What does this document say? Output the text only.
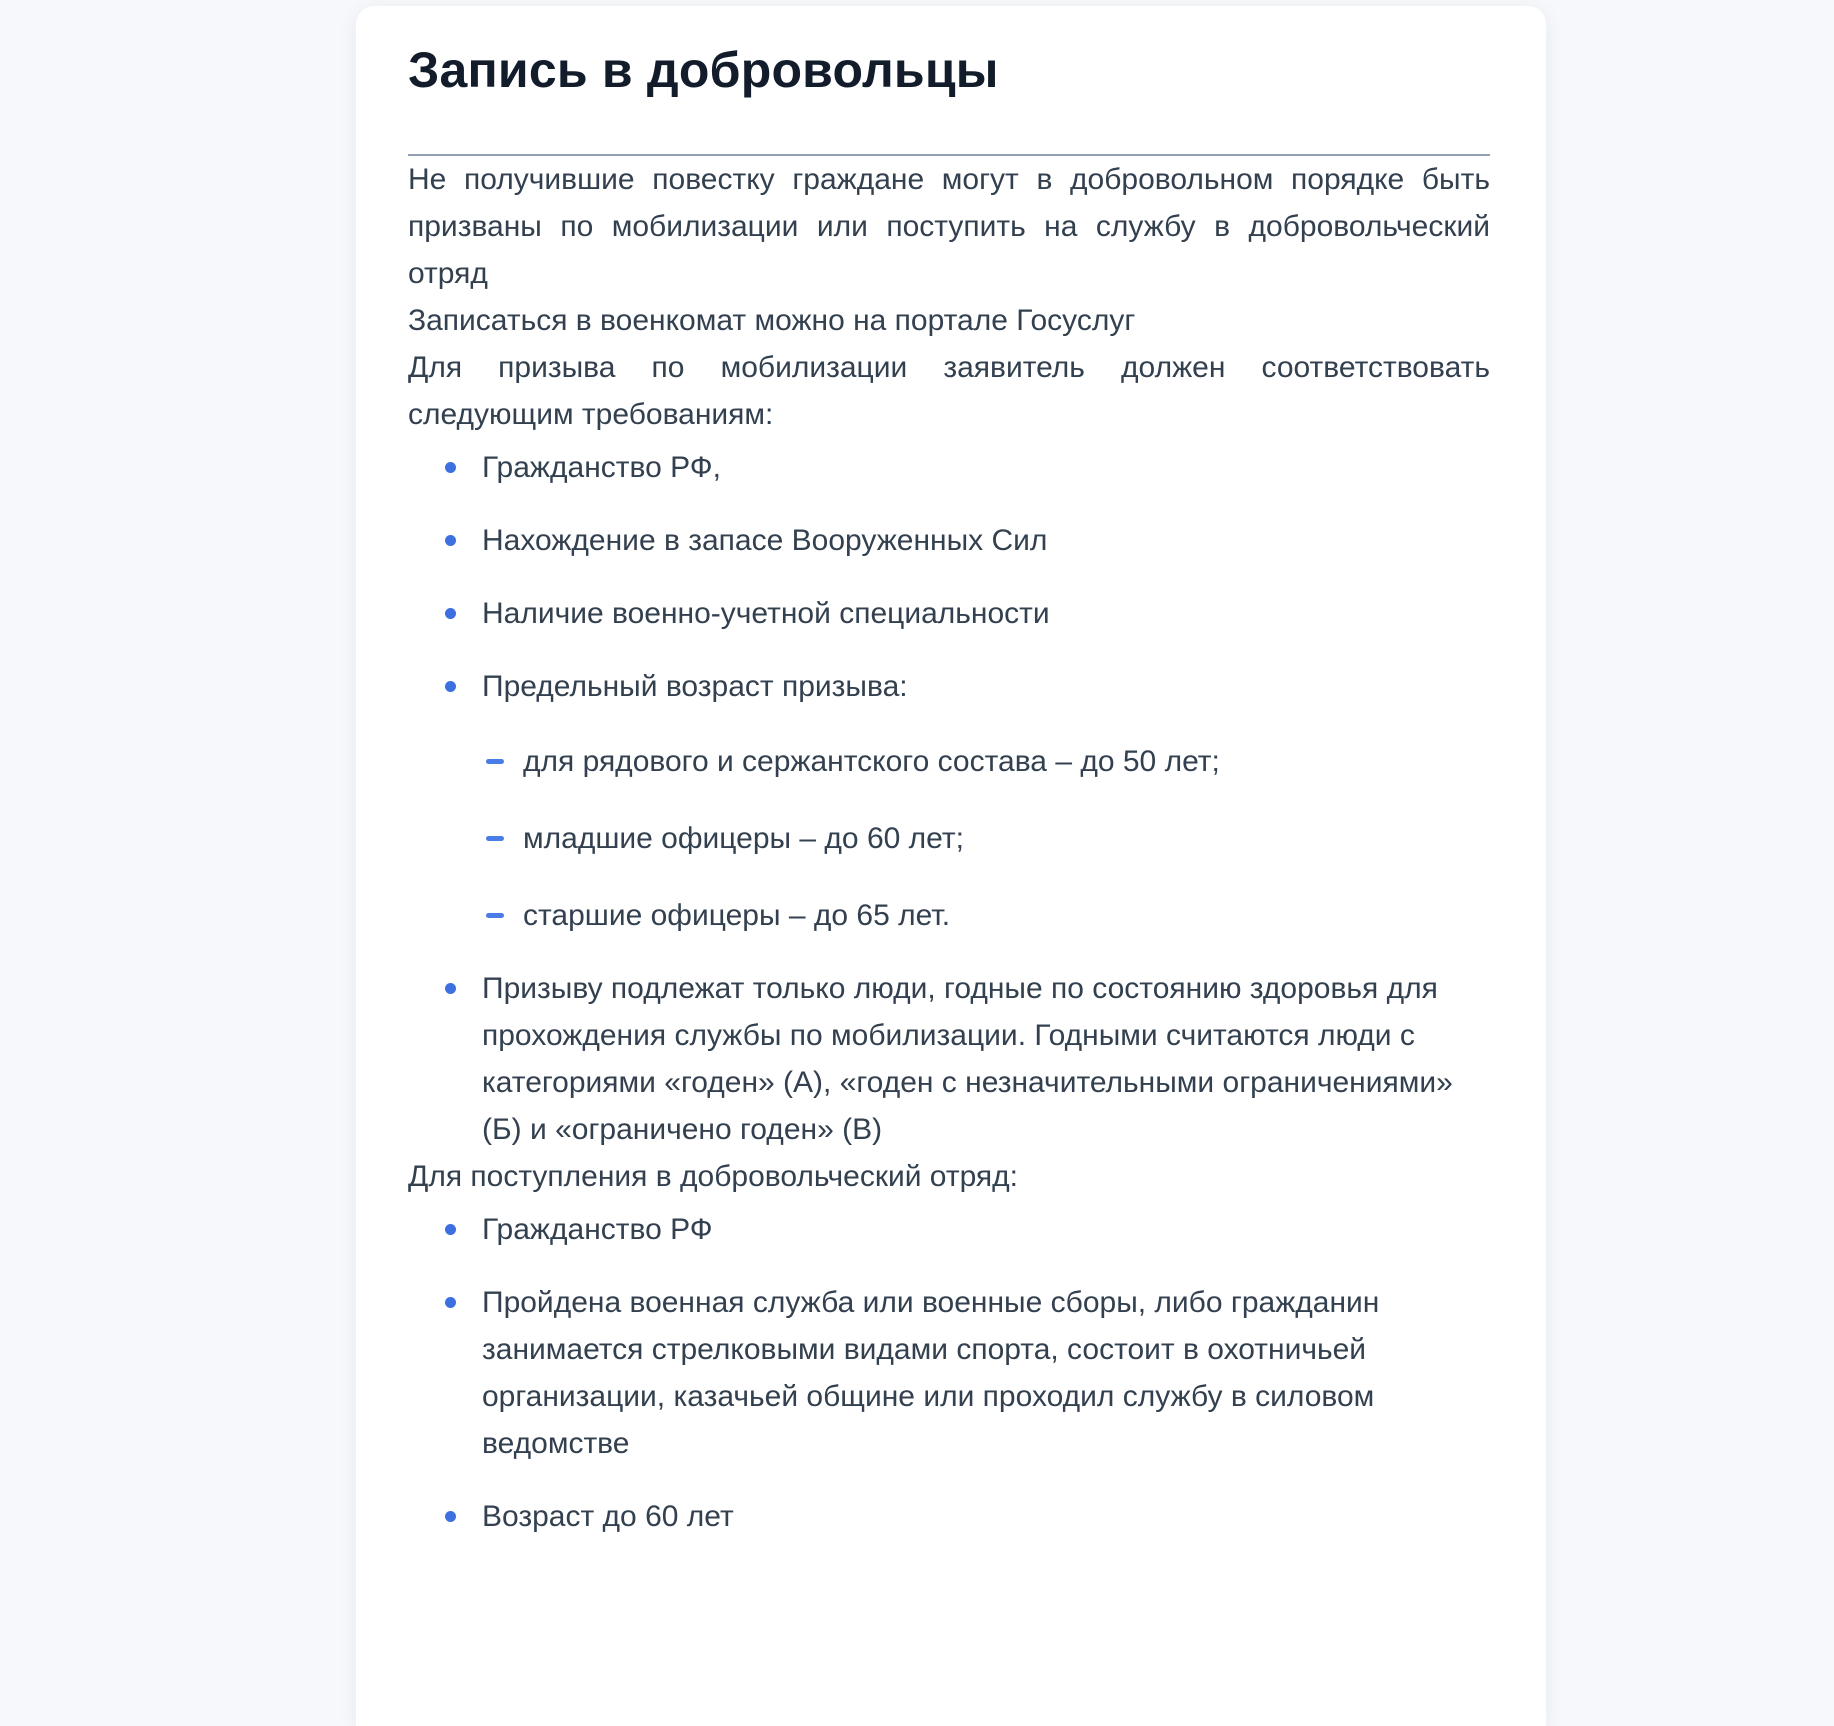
Запись в добровольцы

Не получившие повестку граждане могут в добровольном порядке быть призваны по мобилизации или поступить на службу в добровольческий отряд

Записаться в военкомат можно на портале Госуслуг

Для призыва по мобилизации заявитель должен соответствовать следующим требованиям:

Гражданство РФ,
Нахождение в запасе Вооруженных Сил
Наличие военно-учетной специальности
Предельный возраст призыва:
для рядового и сержантского состава – до 50 лет;
младшие офицеры – до 60 лет;
старшие офицеры – до 65 лет.
Призыву подлежат только люди, годные по состоянию здоровья для прохождения службы по мобилизации. Годными считаются люди с категориями «годен» (А), «годен с незначительными ограничениями» (Б) и «ограничено годен» (В)

Для поступления в добровольческий отряд:

Гражданство РФ
Пройдена военная служба или военные сборы, либо гражданин занимается стрелковыми видами спорта, состоит в охотничьей организации, казачьей общине или проходил службу в силовом ведомстве
Возраст до 60 лет
